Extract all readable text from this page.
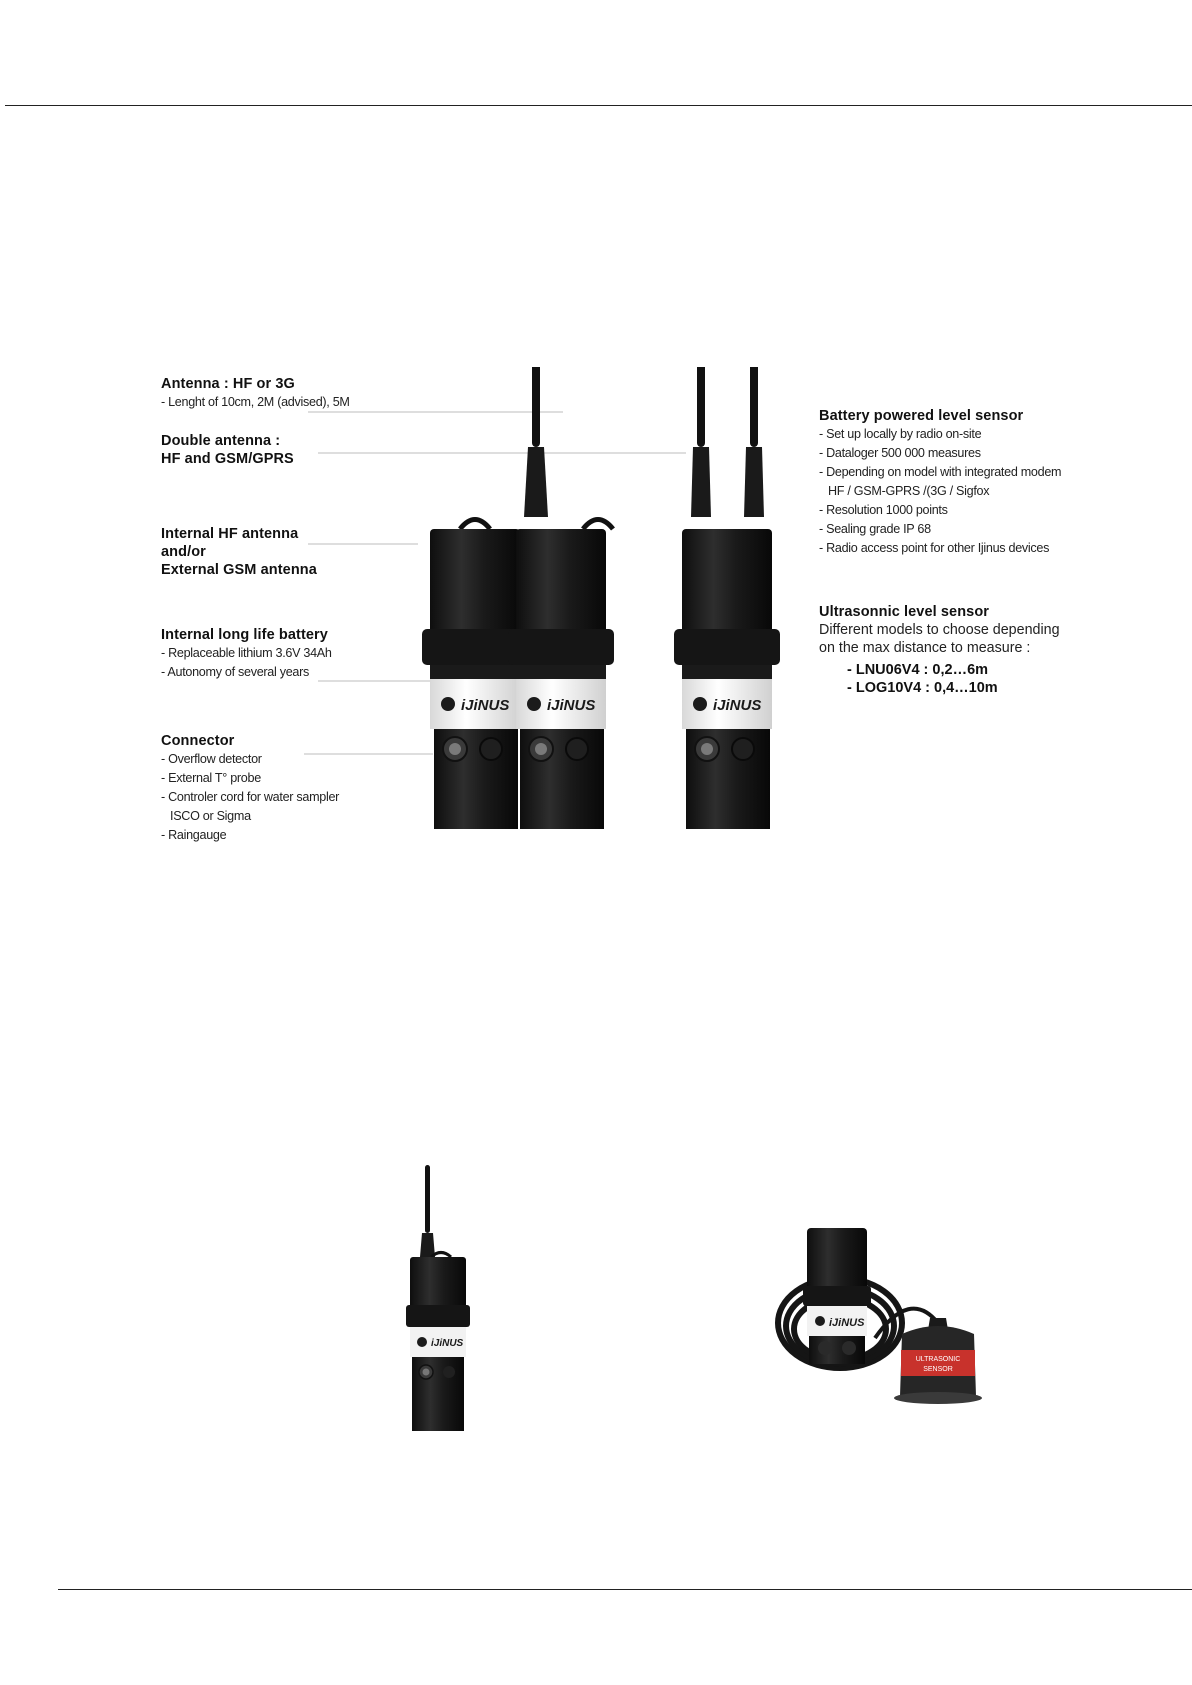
iJiNUS	iJiNUS	iJiNUS
Antenna : HF or 3G
- Lenght of 10cm, 2M (advised), 5M
Double antenna :
HF and GSM/GPRS
Internal HF antenna
and/or
External GSM antenna
Internal long life battery
- Replaceable lithium 3.6V 34Ah
- Autonomy of several years
Connector
- Overflow detector
- External T° probe
- Controler cord for water sampler
ISCO or Sigma
- Raingauge
Battery powered level sensor
- Set up locally by radio on-site
- Dataloger 500 000 measures
- Depending on model with integrated modem
HF / GSM-GPRS /(3G / Sigfox
- Resolution 1000 points
- Sealing grade IP 68
- Radio access point for other Ijinus devices
Ultrasonnic level sensor
Different models to choose depending
on the max distance to measure :
- LNU06V4 : 0,2…6m
- LOG10V4 : 0,4…10m
iJiNUS
iJiNUS
ULTRASONIC
SENSOR
